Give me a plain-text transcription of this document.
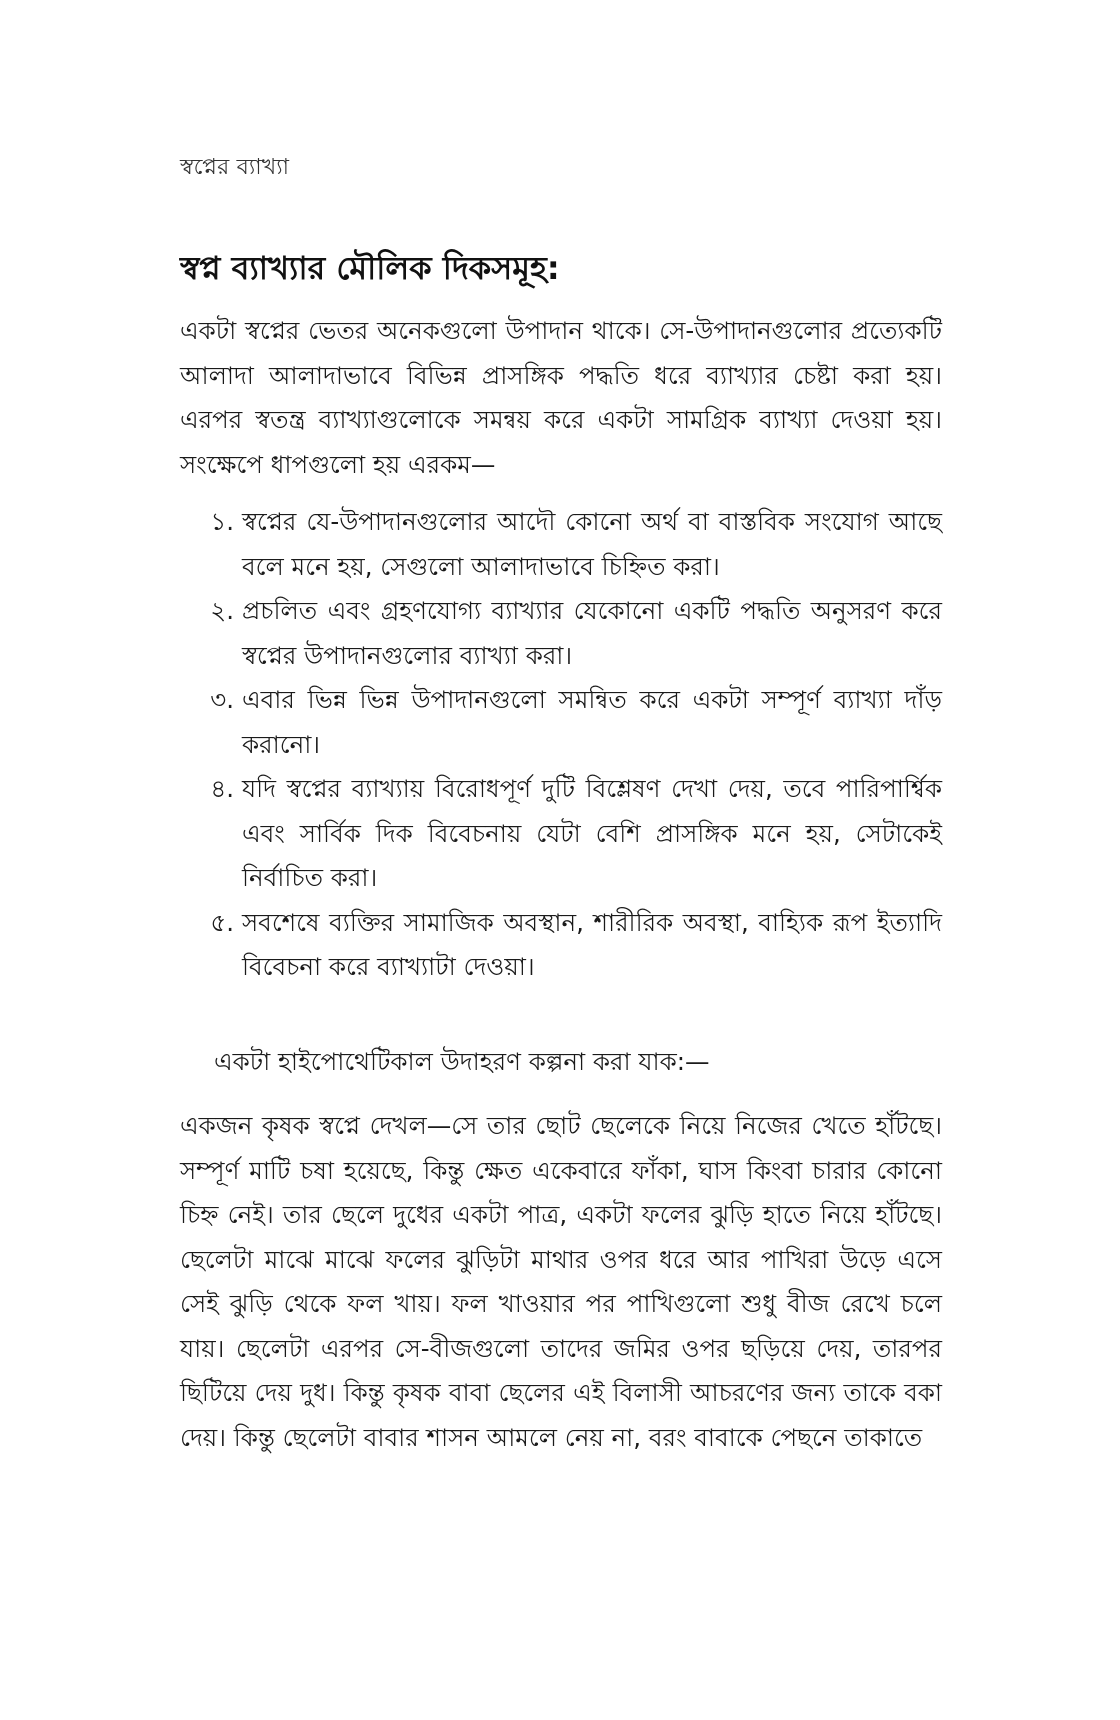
স্বপ্নের ব্যাখ্যা
স্বপ্ন ব্যাখ্যার মৌলিক দিকসমূহ:
একটা স্বপ্নের ভেতর অনেকগুলো উপাদান থাকে। সে-উপাদানগুলোর প্রত্যেকটি আলাদা আলাদাভাবে বিভিন্ন প্রাসঙ্গিক পদ্ধতি ধরে ব্যাখ্যার চেষ্টা করা হয়। এরপর স্বতন্ত্র ব্যাখ্যাগুলোকে সমন্বয় করে একটা সামগ্রিক ব্যাখ্যা দেওয়া হয়। সংক্ষেপে ধাপগুলো হয় এরকম—
১. স্বপ্নের যে-উপাদানগুলোর আদৌ কোনো অর্থ বা বাস্তবিক সংযোগ আছে বলে মনে হয়, সেগুলো আলাদাভাবে চিহ্নিত করা।
২. প্রচলিত এবং গ্রহণযোগ্য ব্যাখ্যার যেকোনো একটি পদ্ধতি অনুসরণ করে স্বপ্নের উপাদানগুলোর ব্যাখ্যা করা।
৩. এবার ভিন্ন ভিন্ন উপাদানগুলো সমন্বিত করে একটা সম্পূর্ণ ব্যাখ্যা দাঁড় করানো।
৪. যদি স্বপ্নের ব্যাখ্যায় বিরোধপূর্ণ দুটি বিশ্লেষণ দেখা দেয়, তবে পারিপার্শ্বিক এবং সার্বিক দিক বিবেচনায় যেটা বেশি প্রাসঙ্গিক মনে হয়, সেটাকেই নির্বাচিত করা।
৫. সবশেষে ব্যক্তির সামাজিক অবস্থান, শারীরিক অবস্থা, বাহ্যিক রূপ ইত্যাদি বিবেচনা করে ব্যাখ্যাটা দেওয়া।
একটা হাইপোথেটিকাল উদাহরণ কল্পনা করা যাক:—
একজন কৃষক স্বপ্নে দেখল—সে তার ছোট ছেলেকে নিয়ে নিজের খেতে হাঁটছে। সম্পূর্ণ মাটি চষা হয়েছে, কিন্তু ক্ষেত একেবারে ফাঁকা, ঘাস কিংবা চারার কোনো চিহ্ন নেই। তার ছেলে দুধের একটা পাত্র, একটা ফলের ঝুড়ি হাতে নিয়ে হাঁটছে। ছেলেটা মাঝে মাঝে ফলের ঝুড়িটা মাথার ওপর ধরে আর পাখিরা উড়ে এসে সেই ঝুড়ি থেকে ফল খায়। ফল খাওয়ার পর পাখিগুলো শুধু বীজ রেখে চলে যায়। ছেলেটা এরপর সে-বীজগুলো তাদের জমির ওপর ছড়িয়ে দেয়, তারপর ছিটিয়ে দেয় দুধ। কিন্তু কৃষক বাবা ছেলের এই বিলাসী আচরণের জন্য তাকে বকা দেয়। কিন্তু ছেলেটা বাবার শাসন আমলে নেয় না, বরং বাবাকে পেছনে তাকাতে
